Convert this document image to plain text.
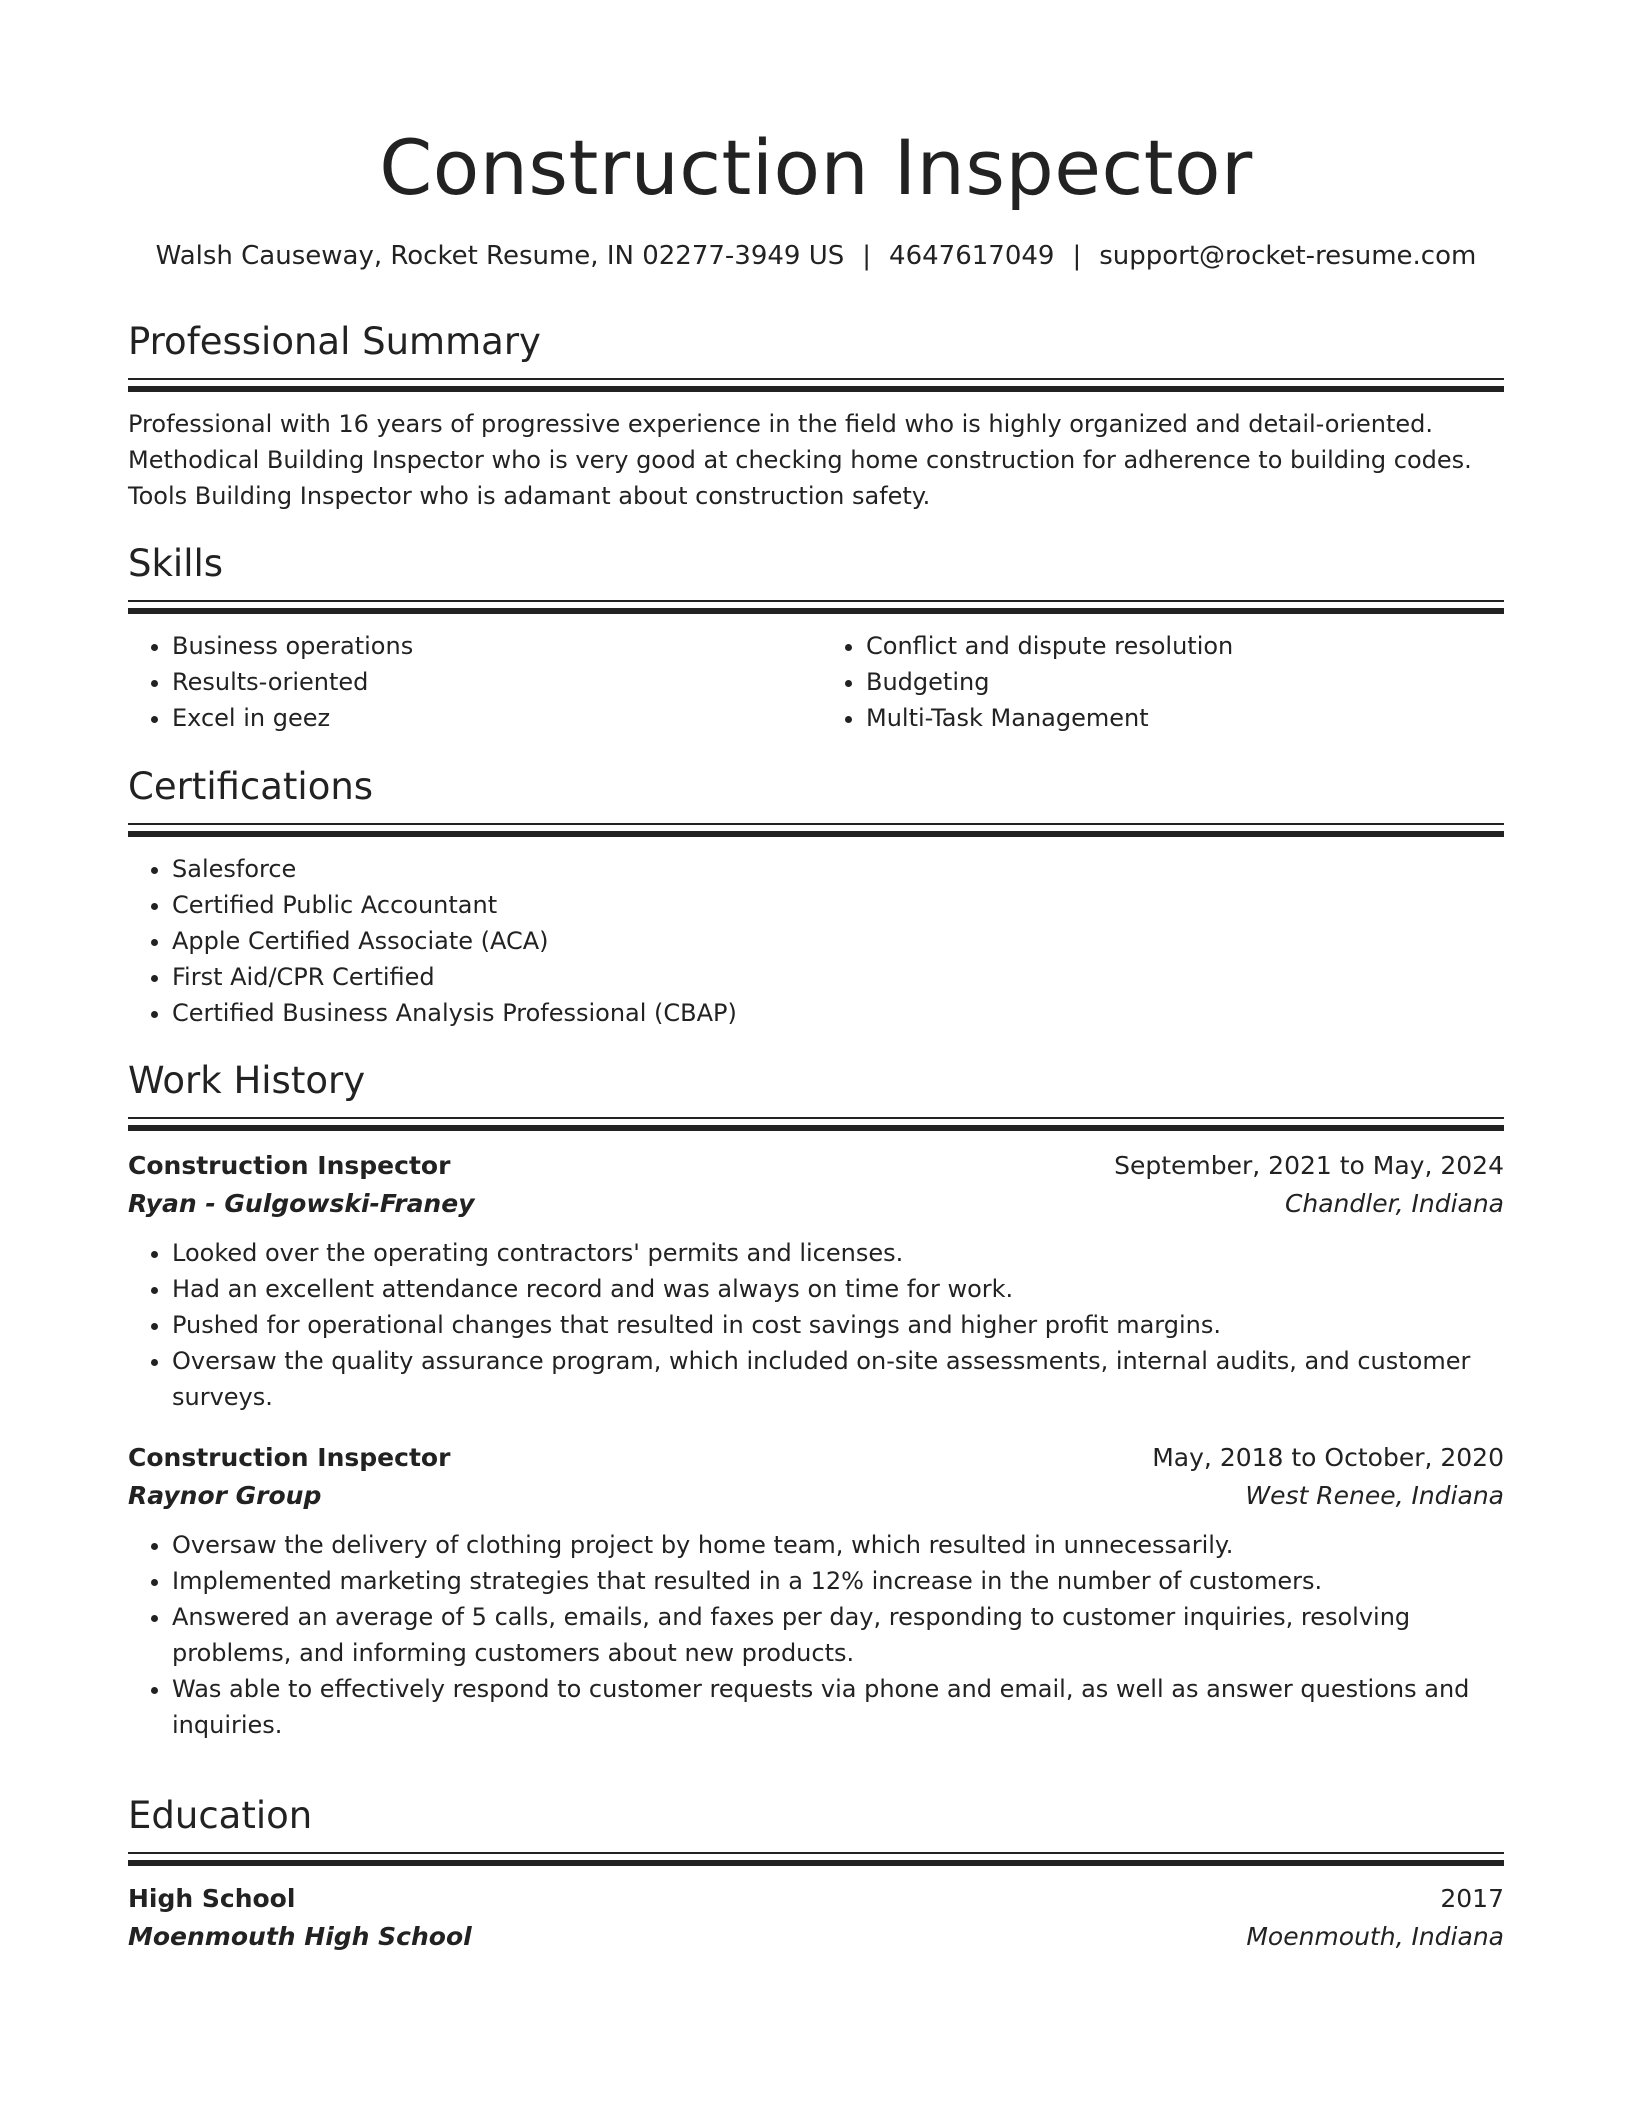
Construction Inspector
Walsh Causeway, Rocket Resume, IN 02277-3949 US | 4647617049 | support@rocket-resume.com
Professional Summary
Professional with 16 years of progressive experience in the field who is highly organized and detail-oriented. Methodical Building Inspector who is very good at checking home construction for adherence to building codes. Tools Building Inspector who is adamant about construction safety.
Skills
• Business operations
• Results-oriented
• Excel in geez
• Conflict and dispute resolution
• Budgeting
• Multi-Task Management
Certifications
• Salesforce
• Certified Public Accountant
• Apple Certified Associate (ACA)
• First Aid/CPR Certified
• Certified Business Analysis Professional (CBAP)
Work History
Construction Inspector	September, 2021 to May, 2024
Ryan - Gulgowski-Franey	Chandler, Indiana
• Looked over the operating contractors' permits and licenses.
• Had an excellent attendance record and was always on time for work.
• Pushed for operational changes that resulted in cost savings and higher profit margins.
• Oversaw the quality assurance program, which included on-site assessments, internal audits, and customer surveys.
Construction Inspector	May, 2018 to October, 2020
Raynor Group	West Renee, Indiana
• Oversaw the delivery of clothing project by home team, which resulted in unnecessarily.
• Implemented marketing strategies that resulted in a 12% increase in the number of customers.
• Answered an average of 5 calls, emails, and faxes per day, responding to customer inquiries, resolving problems, and informing customers about new products.
• Was able to effectively respond to customer requests via phone and email, as well as answer questions and inquiries.
Education
High School	2017
Moenmouth High School	Moenmouth, Indiana
